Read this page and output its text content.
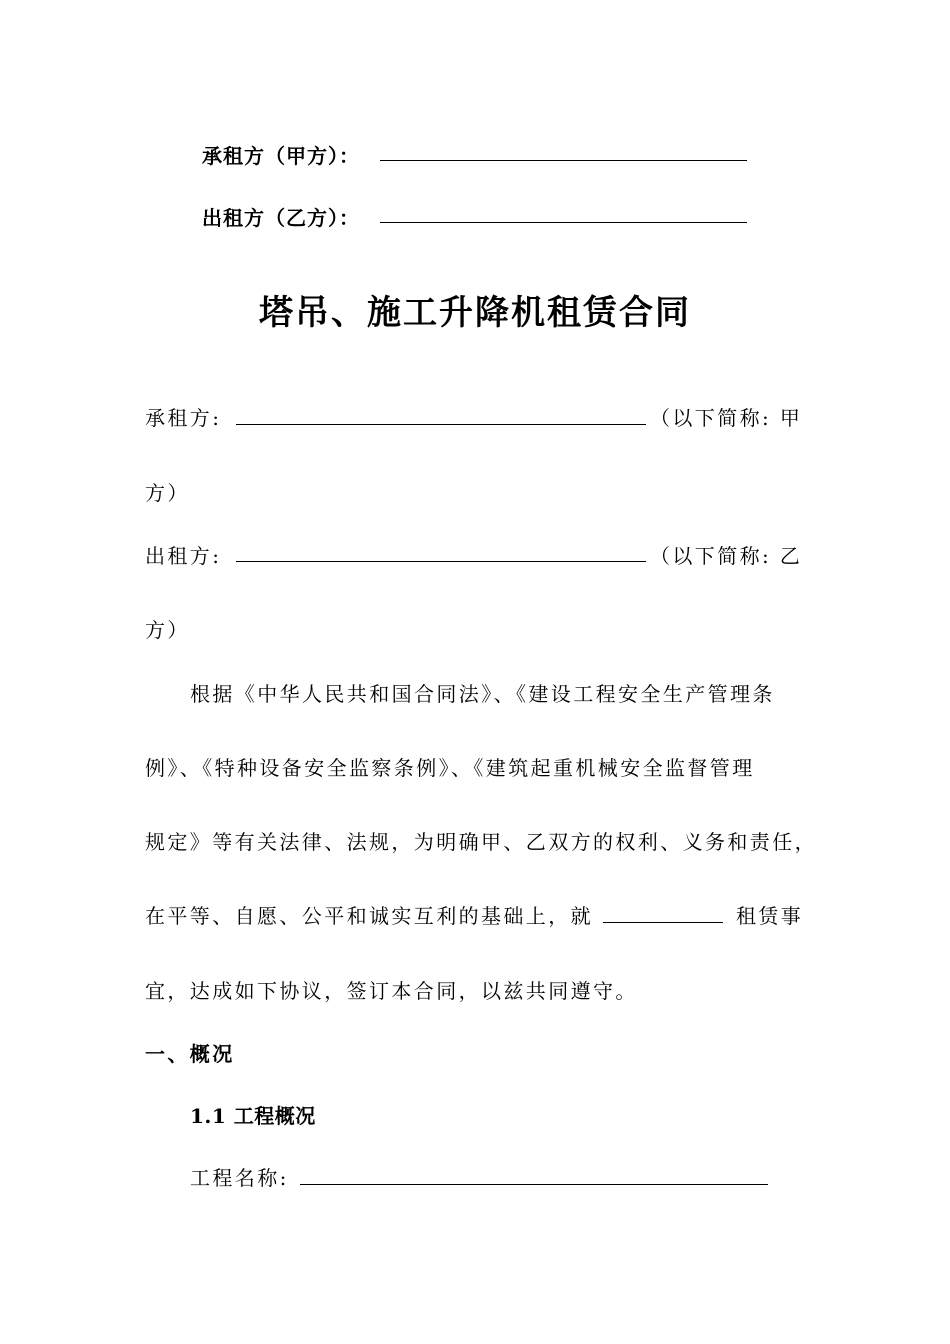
承租方（甲方）：
出租方（乙方）：
塔吊、施工升降机租赁合同
承租方:	（以下简称: 甲
方）
出租方:	（以下简称: 乙
方）
根据《中华人民共和国合同法》、《建设工程安全生产管理条
例》、《特种设备安全监察条例》、《建筑起重机械安全监督管理
规定》等有关法律、法规，为明确甲、乙双方的权利、义务和责任，
在平等、自愿、公平和诚实互利的基础上，就	租赁事
宜，达成如下协议，签订本合同，以兹共同遵守。
一、概况
1.1 工程概况
工程名称:
